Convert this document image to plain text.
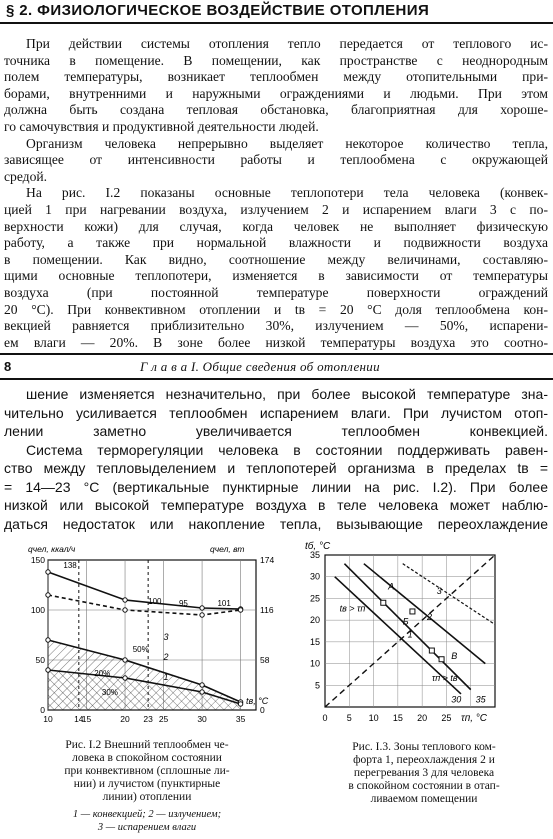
§ 2. ФИЗИОЛОГИЧЕСКОЕ ВОЗДЕЙСТВИЕ ОТОПЛЕНИЯ
При действии системы отопления тепло передается от теплового ис-
точника в помещение. В помещении, как пространстве с неоднородным
полем температуры, возникает теплообмен между отопительными при-
борами, внутренними и наружными ограждениями и людьми. При этом
должна быть создана тепловая обстановка, благоприятная для хороше-
го самочувствия и продуктивной деятельности людей.
Организм человека непрерывно выделяет некоторое количество тепла,
зависящее от интенсивности работы и теплообмена с окружающей
средой.
На рис. I.2 показаны основные теплопотери тела человека (конвек-
цией 1 при нагревании воздуха, излучением 2 и испарением влаги 3 с по-
верхности кожи) для случая, когда человек не выполняет физическую
работу, а также при нормальной влажности и подвижности воздуха
в помещении. Как видно, соотношение между величинами, составляю-
щими основные теплопотери, изменяется в зависимости от температуры
воздуха (при постоянной температуре поверхности ограждений
20 °С). При конвективном отоплении и tв = 20 °С доля теплообмена кон-
векцией равняется приблизительно 30%, излучением — 50%, испарени-
ем влаги — 20%. В зоне более низкой температуры воздуха это соотно-
8	Г л а в а I. Общие сведения об отоплении
шение изменяется незначительно, при более высокой температуре зна-
чительно усиливается теплообмен испарением влаги. При лучистом отоп-
лении заметно увеличивается теплообмен конвекцией.
Система терморегуляции человека в состоянии поддерживать равен-
ство между тепловыделением и теплопотерей организма в пределах tв =
= 14—23 °С (вертикальные пунктирные линии на рис. I.2). При более
низкой или высокой температуре воздуха в теле человека может наблю-
даться недостаток или накопление тепла, вызывающие переохлаждение
qчел, ккал/ч	qчел, вт
150
100
50
0
174
116
58
0
10	14
15	20 23 25	30	35
tв, °С
138
100 95	101
50%
20%
30%
3
2
1
Рис. I.2 Внешний теплообмен че-
ловека в спокойном состоянии
при конвективном (сплошные ли-
нии) и лучистом (пунктирные
линии) отоплении
1 — конвекцией; 2 — излучением;
3 — испарением влаги
tб, °С
35
30
25
20
15
10
5
0 5 10 15 20 25 τп, °С
tв > τп
τп > tв
30 35
A
Б
В
1
2
3
Рис. I.3. Зоны теплового ком-
форта 1, переохлаждения 2 и
перегревания 3 для человека
в спокойном состоянии в отап-
ливаемом помещении
